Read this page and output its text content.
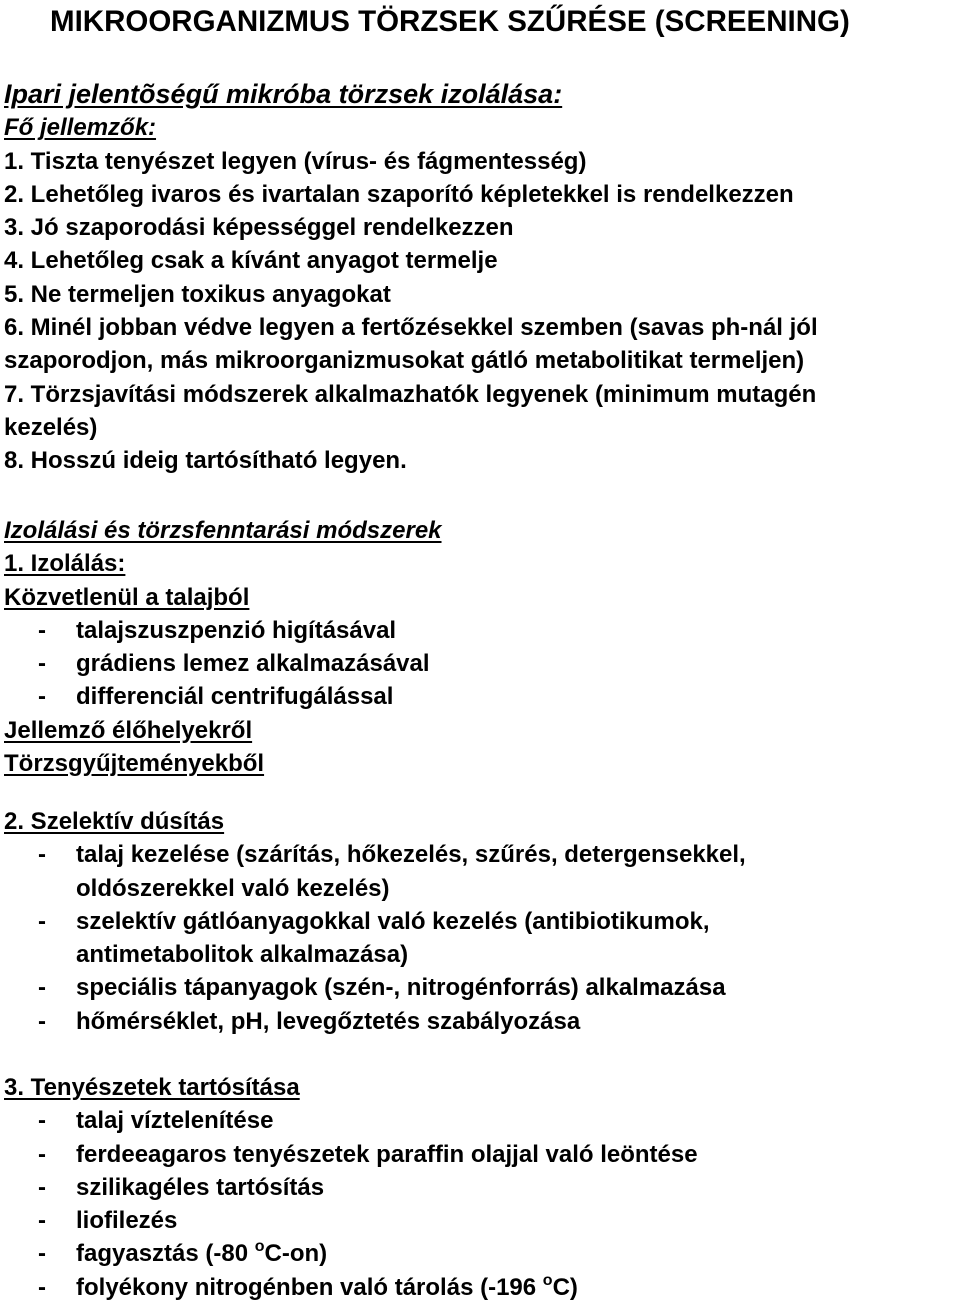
MIKROORGANIZMUS TÖRZSEK SZŰRÉSE (SCREENING)
Ipari jelentõségű mikróba törzsek izolálása:
Fő jellemzők:
1. Tiszta tenyészet legyen (vírus- és fágmentesség)
2. Lehetőleg ivaros és ivartalan szaporító képletekkel is rendelkezzen
3. Jó szaporodási képességgel rendelkezzen
4. Lehetőleg csak a kívánt anyagot termelje
5. Ne termeljen toxikus anyagokat
6. Minél jobban védve legyen a fertőzésekkel szemben (savas ph-nál jól
szaporodjon, más mikroorganizmusokat gátló metabolitikat termeljen)
7. Törzsjavítási módszerek alkalmazhatók legyenek (minimum mutagén
kezelés)
8. Hosszú ideig tartósítható legyen.
Izolálási és törzsfenntarási módszerek
1. Izolálás:
Közvetlenül a talajból
- talajszuszpenzió higításával
- grádiens lemez alkalmazásával
- differenciál centrifugálással
Jellemző élőhelyekről
Törzsgyűjteményekből
2. Szelektív dúsítás
- talaj kezelése (szárítás, hőkezelés, szűrés, detergensekkel,
oldószerekkel való kezelés)
- szelektív gátlóanyagokkal való kezelés (antibiotikumok,
antimetabolitok alkalmazása)
- speciális tápanyagok (szén-, nitrogénforrás) alkalmazása
- hőmérséklet, pH, levegőztetés szabályozása
3. Tenyészetek tartósítása
- talaj víztelenítése
- ferdeeagaros tenyészetek paraffin olajjal való leöntése
- szilikagéles tartósítás
- liofilezés
- fagyasztás (-80 $^o$C-on)
- folyékony nitrogénben való tárolás (-196 $^o$C)
